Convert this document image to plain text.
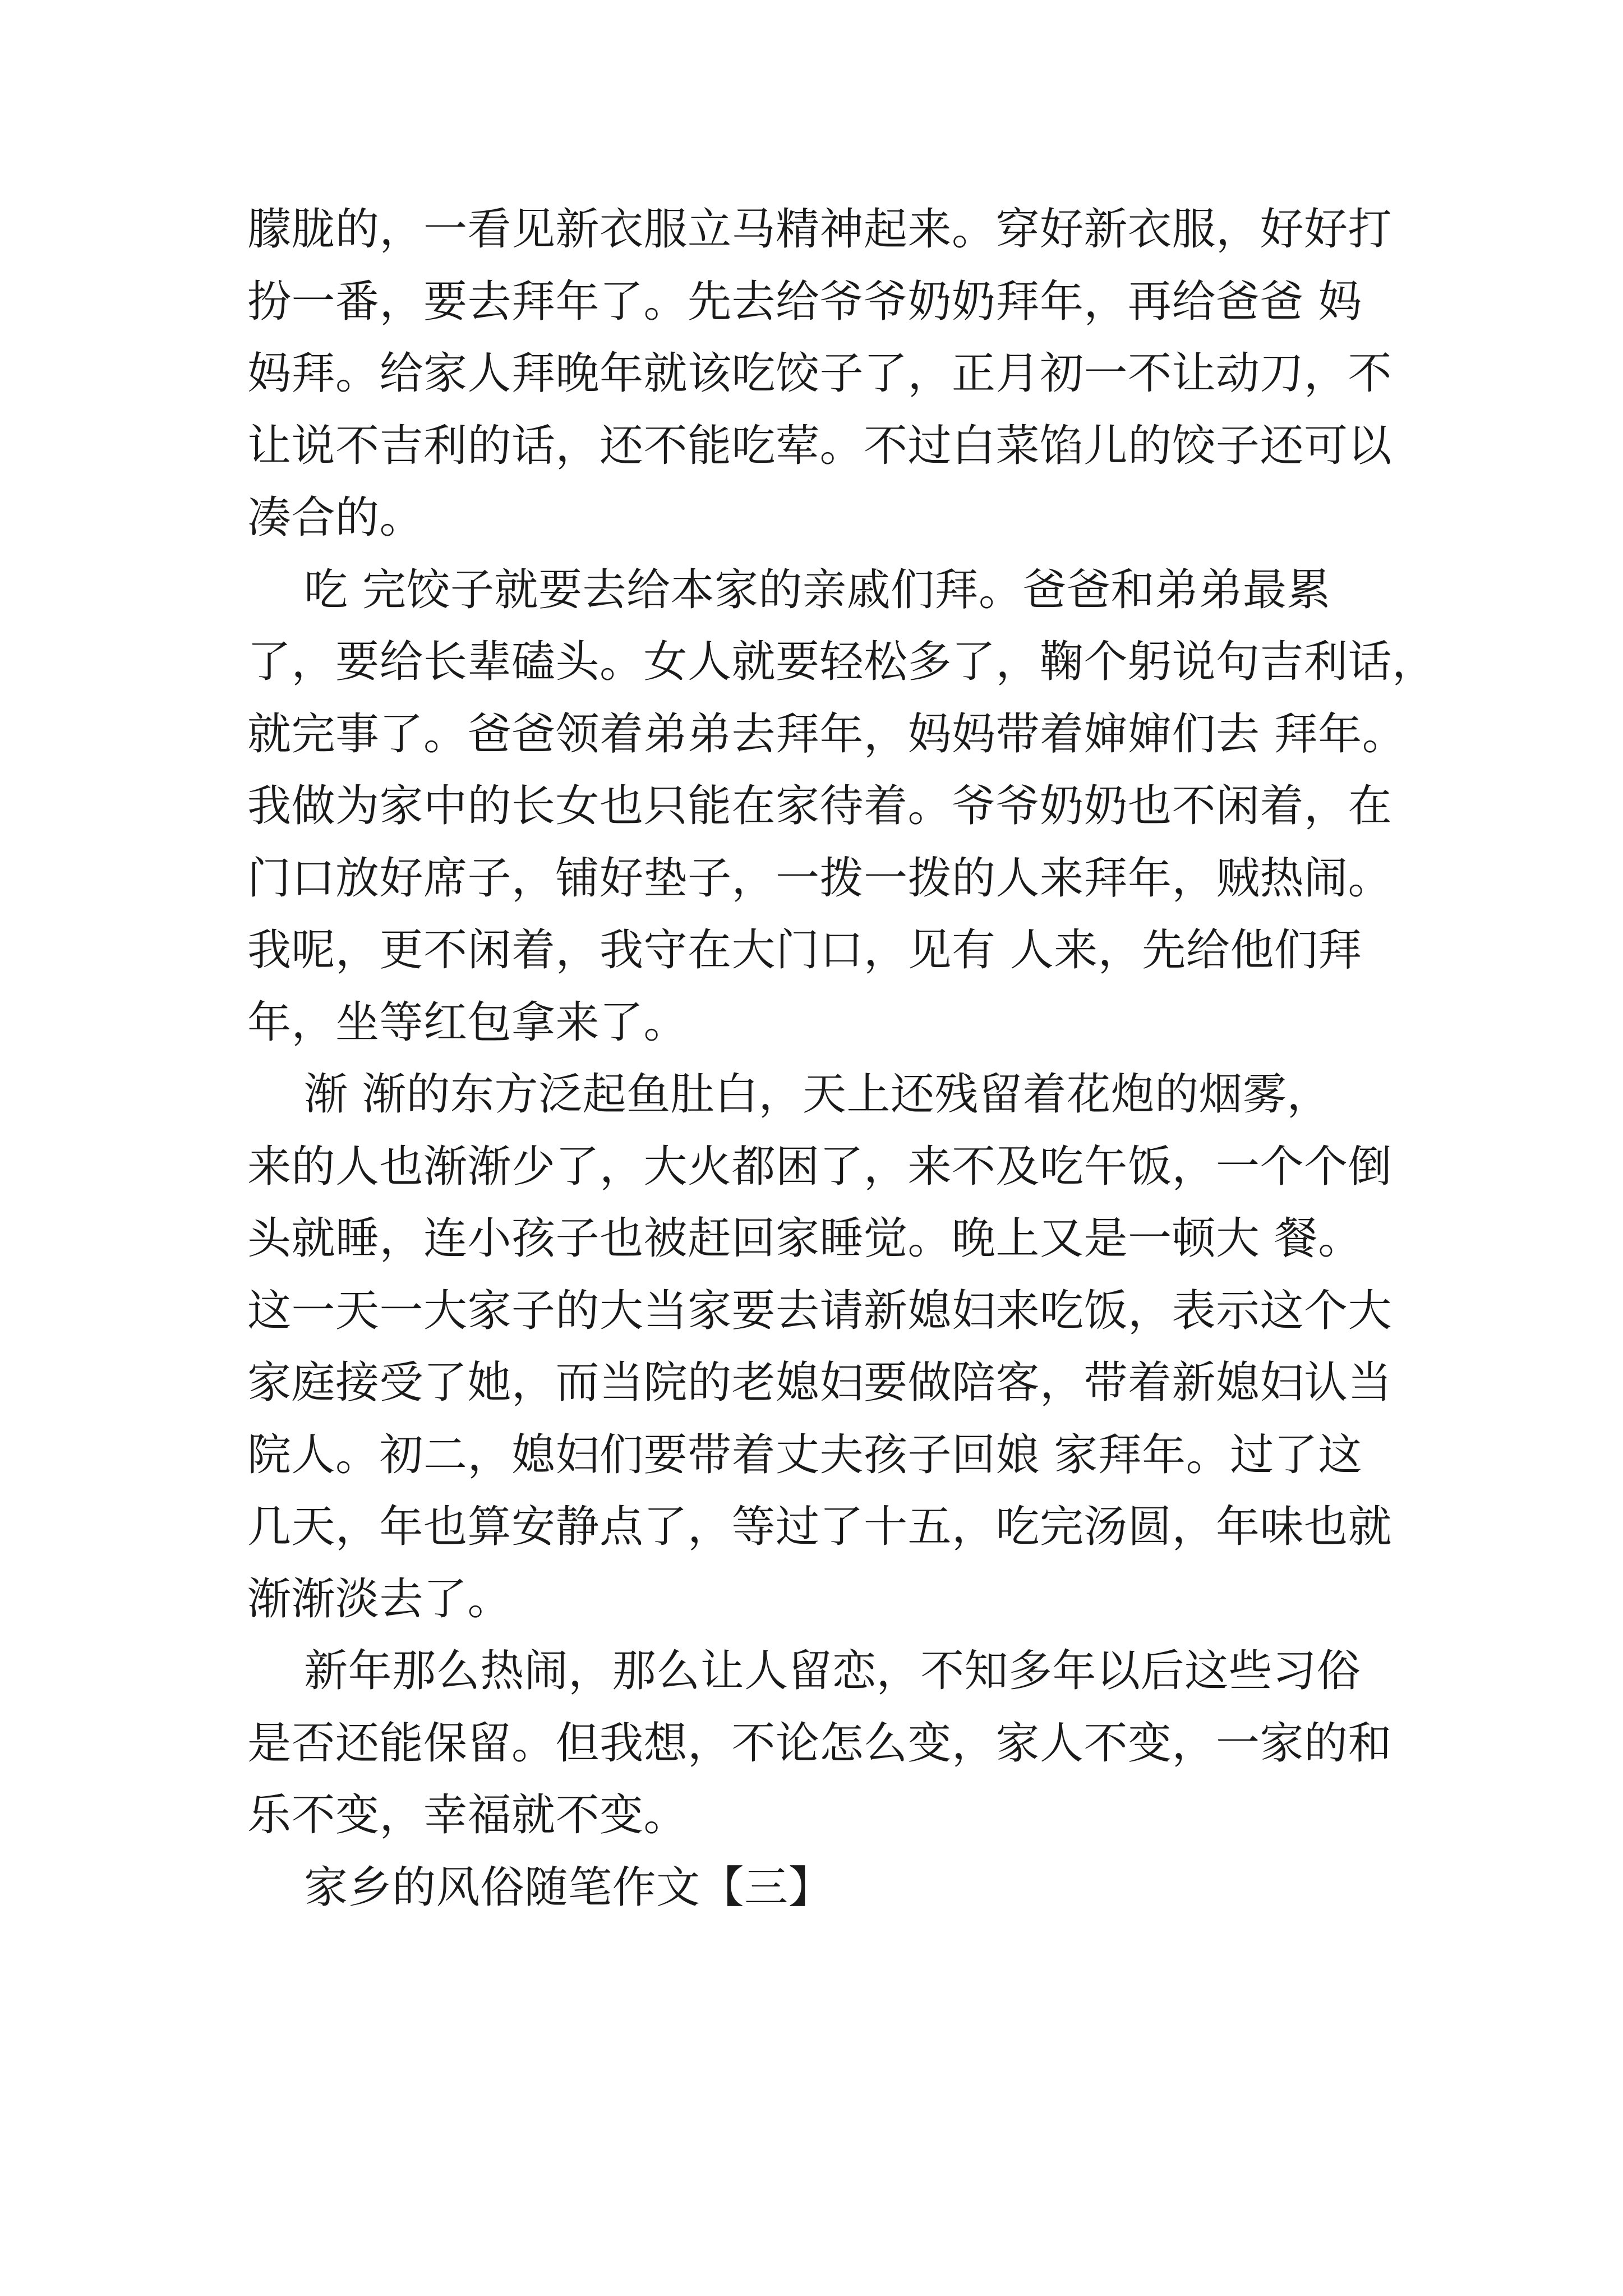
朦胧的，一看见新衣服立马精神起来。穿好新衣服，好好打
扮一番，要去拜年了。先去给爷爷奶奶拜年，再给爸爸 妈
妈拜。给家人拜晚年就该吃饺子了，正月初一不让动刀，不
让说不吉利的话，还不能吃荤。不过白菜馅儿的饺子还可以
凑合的。
吃 完饺子就要去给本家的亲戚们拜。爸爸和弟弟最累
了，要给长辈磕头。女人就要轻松多了，鞠个躬说句吉利话，
就完事了。爸爸领着弟弟去拜年，妈妈带着婶婶们去 拜年。
我做为家中的长女也只能在家待着。爷爷奶奶也不闲着，在
门口放好席子，铺好垫子，一拨一拨的人来拜年，贼热闹。
我呢，更不闲着，我守在大门口，见有 人来，先给他们拜
年，坐等红包拿来了。
渐 渐的东方泛起鱼肚白，天上还残留着花炮的烟雾，
来的人也渐渐少了，大火都困了，来不及吃午饭，一个个倒
头就睡，连小孩子也被赶回家睡觉。晚上又是一顿大 餐。
这一天一大家子的大当家要去请新媳妇来吃饭，表示这个大
家庭接受了她，而当院的老媳妇要做陪客，带着新媳妇认当
院人。初二，媳妇们要带着丈夫孩子回娘 家拜年。过了这
几天，年也算安静点了，等过了十五，吃完汤圆，年味也就
渐渐淡去了。
新年那么热闹，那么让人留恋，不知多年以后这些习俗
是否还能保留。但我想，不论怎么变，家人不变，一家的和
乐不变，幸福就不变。
家乡的风俗随笔作文【三】
